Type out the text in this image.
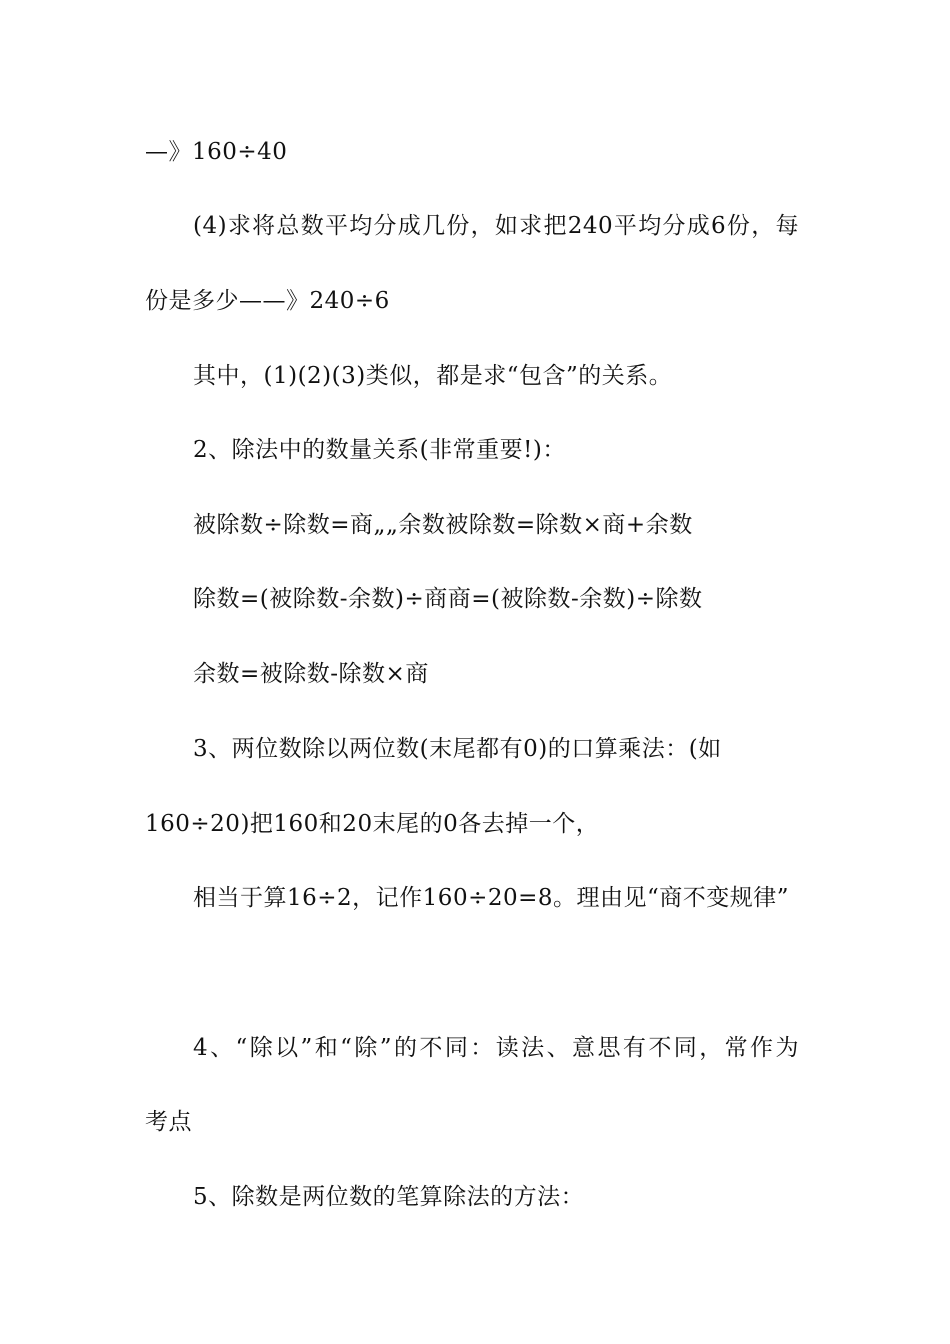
—》160÷40
(4)求将总数平均分成几份，如求把240平均分成6份，每
份是多少——》240÷6
其中，(1)(2)(3)类似，都是求“包含”的关系。
2、除法中的数量关系(非常重要!)：
被除数÷除数=商„„余数被除数=除数×商+余数
除数=(被除数-余数)÷商商=(被除数-余数)÷除数
余数=被除数-除数×商
3、两位数除以两位数(末尾都有0)的口算乘法：(如
160÷20)把160和20末尾的0各去掉一个，
相当于算16÷2，记作160÷20=8。理由见“商不变规律”
4、“除以”和“除”的不同：读法、意思有不同，常作为
考点
5、除数是两位数的笔算除法的方法：
